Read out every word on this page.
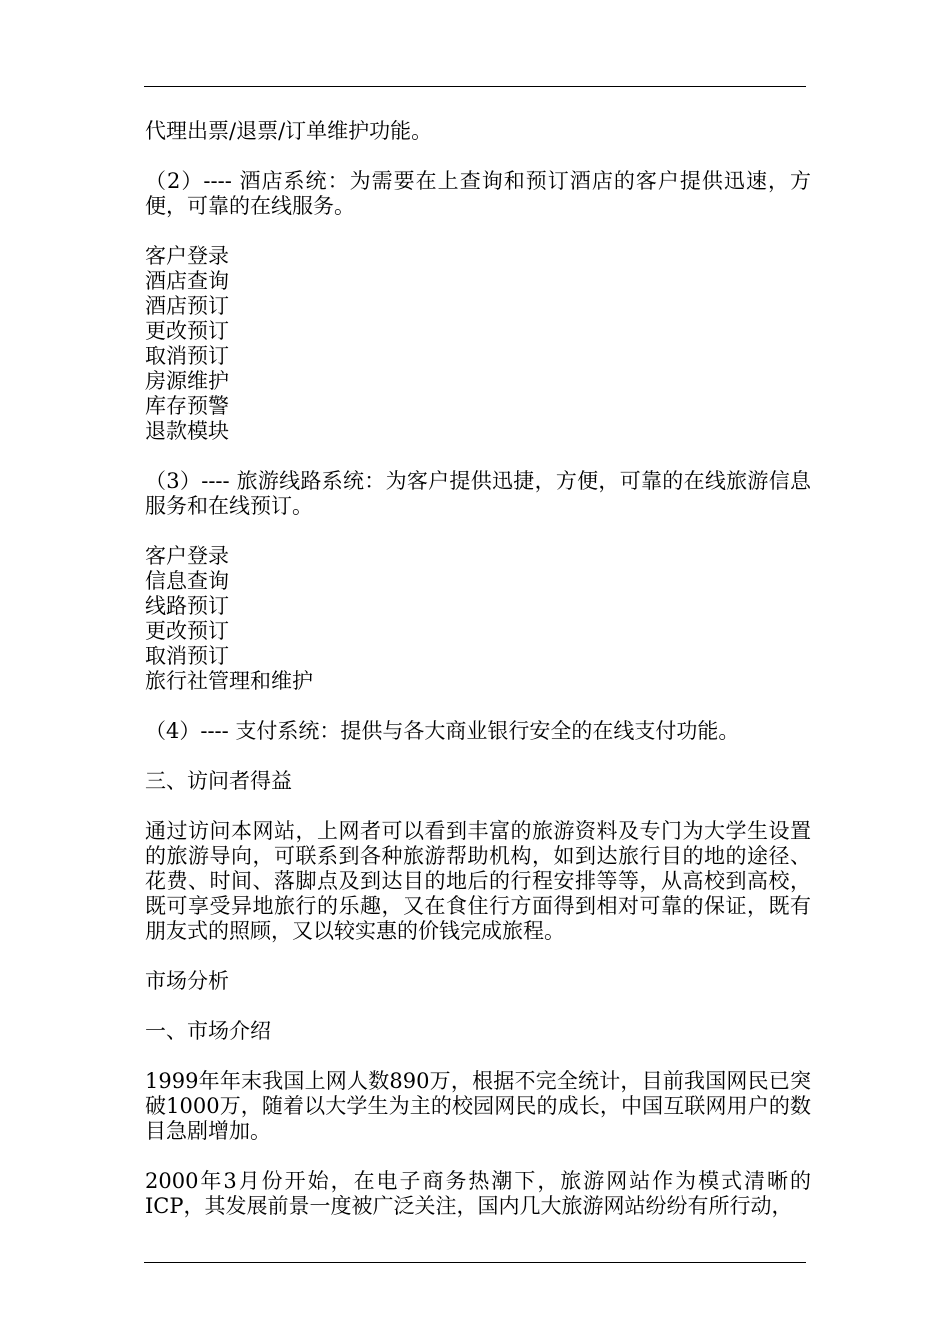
代理出票/退票/订单维护功能。

（2）---- 酒店系统：为需要在上查询和预订酒店的客户提供迅速，方便，可靠的在线服务。

客户登录
酒店查询
酒店预订
更改预订
取消预订
房源维护
库存预警
退款模块

（3）---- 旅游线路系统：为客户提供迅捷，方便，可靠的在线旅游信息服务和在线预订。

客户登录
信息查询
线路预订
更改预订
取消预订
旅行社管理和维护

（4）---- 支付系统：提供与各大商业银行安全的在线支付功能。

三、访问者得益

通过访问本网站，上网者可以看到丰富的旅游资料及专门为大学生设置的旅游导向，可联系到各种旅游帮助机构，如到达旅行目的地的途径、花费、时间、落脚点及到达目的地后的行程安排等等，从高校到高校，既可享受异地旅行的乐趣，又在食住行方面得到相对可靠的保证，既有朋友式的照顾，又以较实惠的价钱完成旅程。

市场分析

一、市场介绍

1999年年末我国上网人数890万，根据不完全统计，目前我国网民已突破1000万，随着以大学生为主的校园网民的成长，中国互联网用户的数目急剧增加。

2000年3月份开始，在电子商务热潮下，旅游网站作为模式清晰的ICP，其发展前景一度被广泛关注，国内几大旅游网站纷纷有所行动，
